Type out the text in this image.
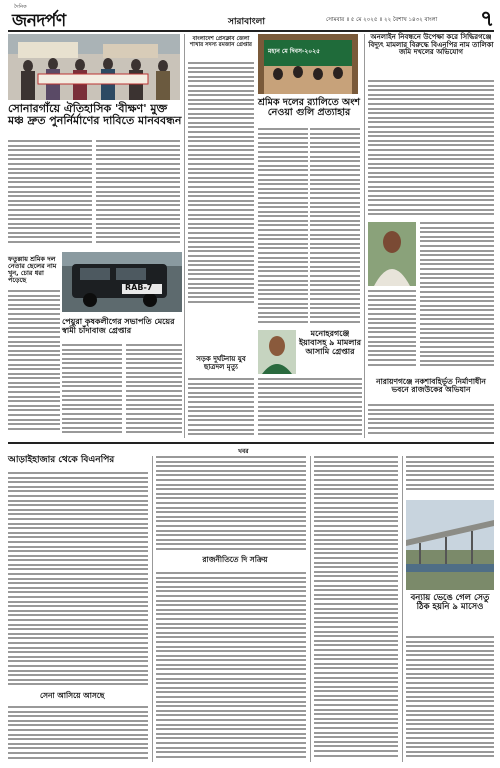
দৈনিক
জনদর্পণ	সারাবাংলা	সোমবার ॥ ৫ মে ২০২৫ ॥ ২২ বৈশাখ ১৪৩২ বাংলা ৭
সোনারগাঁয়ে ঐতিহাসিক 'বীক্ষণ' মুক্ত মঞ্চ দ্রুত পুনর্নির্মাণের দাবিতে মানববন্ধন
ফতুল্লায় শ্রমিক দল নেতার ছেলের নাম খুন, চোর ধরা পড়েছে
RAB-7
পেয়ুরা কৃষকলীগের সভাপতি মেয়ের স্বামী চাঁদাবাজ গ্রেপ্তার
বাংলাদেশ প্রেসক্লাব জেলা শাখার সদস্য রমজান গ্রেপ্তার
সড়ক দুর্ঘটনায় যুব ছাত্রদল মৃত্যু
মহান মে দিবস-২০২৫
শ্রমিক দলের র‍্যালিতে অংশ নেওয়া গুলি প্রত্যাহার
মনোহরগঞ্জে ইয়াবাসহ ৯ মামলার আসামি গ্রেপ্তার
অনলাইন নিবন্ধনে উপেক্ষা করে সিদ্ধিরগঞ্জে বিদ্যুৎ মামলার বিরুদ্ধে বিএনপির নাম তালিকা জমি দখলের অভিযোগ
নারায়ণগঞ্জে নকশাবহির্ভূত নির্মাণাধীন ভবনে রাজউকের অভিযান
খবর
আড়াইহাজার থেকে বিএনপির
সেনা আসিয়ে আসছে
রাজনীতিতে দি সক্রিয়
বন্যায় ভেঙে গেল সেতু ঠিক হয়নি ৯ মাসেও
